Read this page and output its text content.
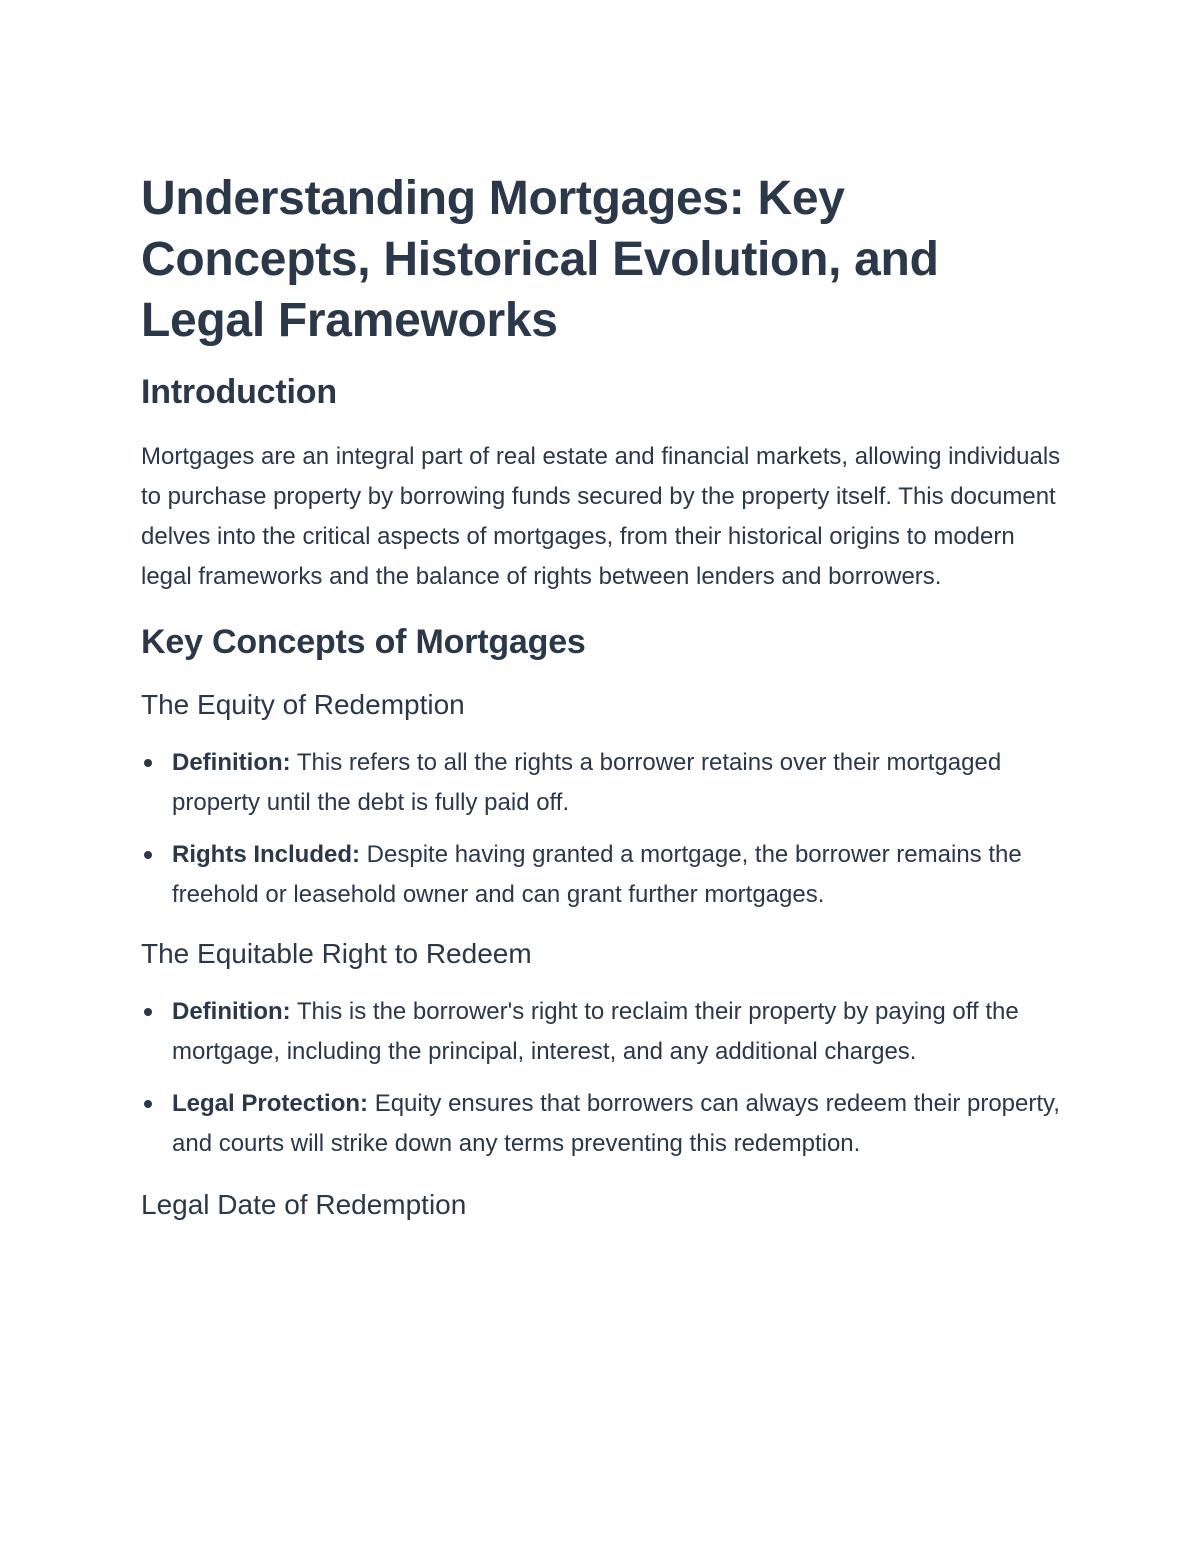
Understanding Mortgages: Key Concepts, Historical Evolution, and Legal Frameworks
Introduction

Mortgages are an integral part of real estate and financial markets, allowing individuals to purchase property by borrowing funds secured by the property itself. This document delves into the critical aspects of mortgages, from their historical origins to modern legal frameworks and the balance of rights between lenders and borrowers.

Key Concepts of Mortgages
The Equity of Redemption
Definition: This refers to all the rights a borrower retains over their mortgaged property until the debt is fully paid off.
Rights Included: Despite having granted a mortgage, the borrower remains the freehold or leasehold owner and can grant further mortgages.
The Equitable Right to Redeem
Definition: This is the borrower's right to reclaim their property by paying off the mortgage, including the principal, interest, and any additional charges.
Legal Protection: Equity ensures that borrowers can always redeem their property, and courts will strike down any terms preventing this redemption.
Legal Date of Redemption
